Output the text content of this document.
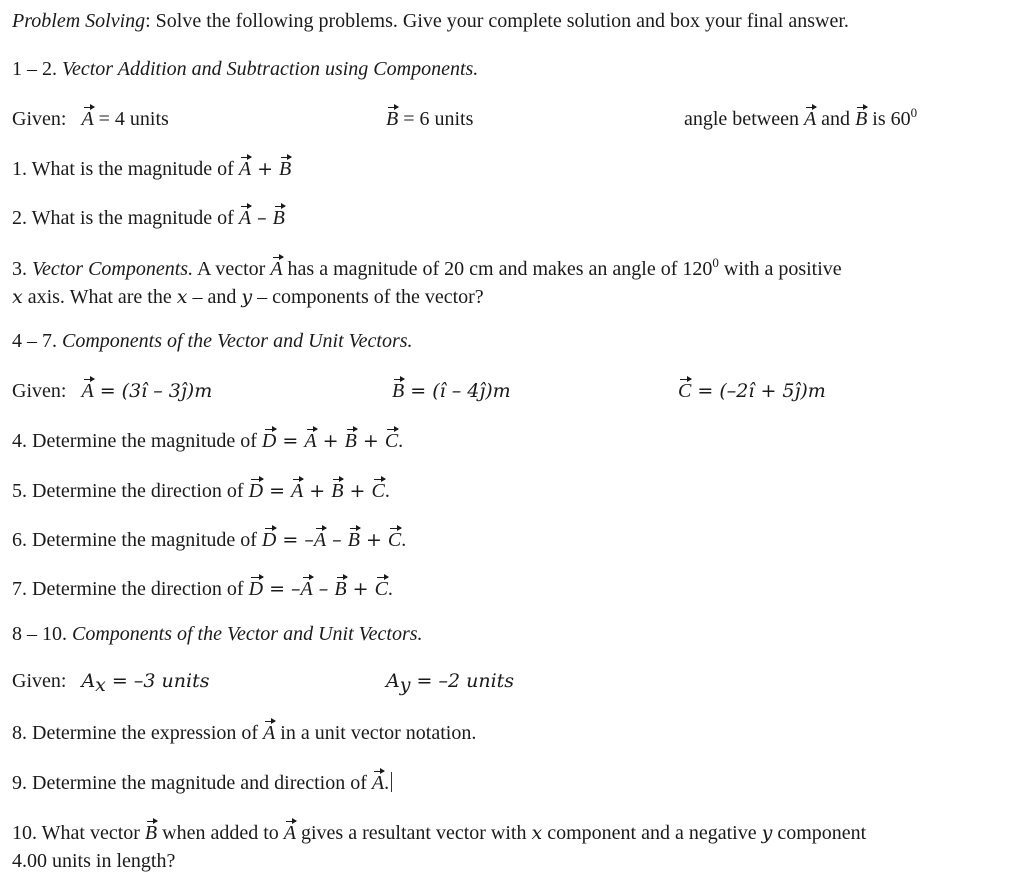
Problem Solving: Solve the following problems. Give your complete solution and box your final answer.
1 – 2. Vector Addition and Subtraction using Components.
Given: A = 4 units	B = 6 units	angle between A and B is $60^0$
1. What is the magnitude of A + B
2. What is the magnitude of A – B
3. Vector Components. A vector A has a magnitude of 20 cm and makes an angle of $120^0$ with a positive
x axis. What are the x – and y – components of the vector?
4 – 7. Components of the Vector and Unit Vectors.
Given: A = (3î – 3ĵ)m	B = (î – 4ĵ)m	C = (–2î + 5ĵ)m
4. Determine the magnitude of D = A + B + C.
5. Determine the direction of D = A + B + C.
6. Determine the magnitude of D = –A – B + C.
7. Determine the direction of D = –A – B + C.
8 – 10. Components of the Vector and Unit Vectors.
Given: $A_x = -3$ units	$A_y = -2$ units
8. Determine the expression of A in a unit vector notation.
9. Determine the magnitude and direction of A.
10. What vector B when added to A gives a resultant vector with x component and a negative y component
4.00 units in length?
